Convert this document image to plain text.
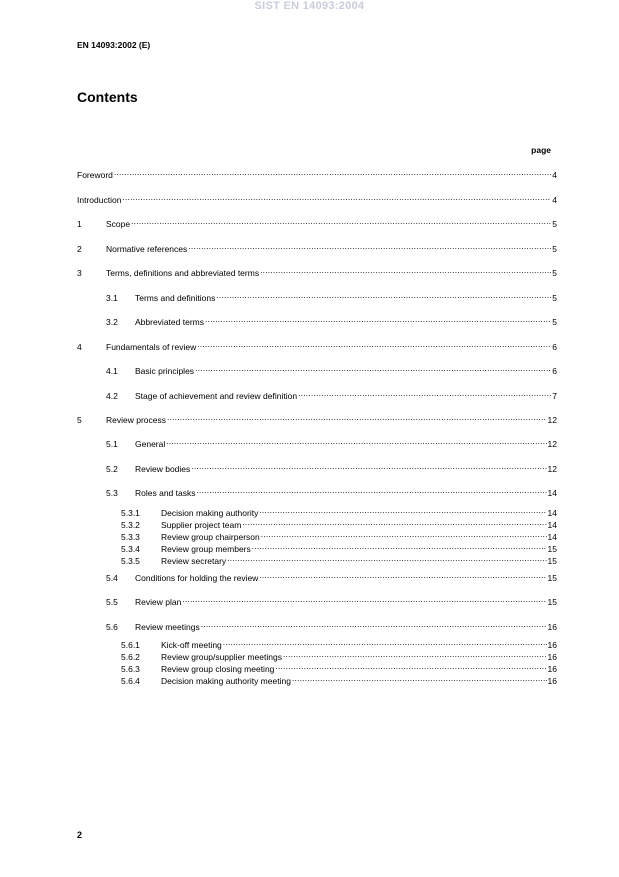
SIST EN 14093:2004
EN 14093:2002 (E)
Contents
page
Foreword .....	4
Introduction .....	4
1	Scope .....	5
2	Normative references .....	5
3	Terms, definitions and abbreviated terms .....	5
3.1	Terms and definitions .....	5
3.2	Abbreviated terms .....	5
4	Fundamentals of review .....	6
4.1	Basic principles .....	6
4.2	Stage of achievement and review definition .....	7
5	Review process .....	12
5.1	General .....	12
5.2	Review bodies .....	12
5.3	Roles and tasks .....	14
5.3.1	Decision making authority .....	14
5.3.2	Supplier project team .....	14
5.3.3	Review group chairperson .....	14
5.3.4	Review group members .....	15
5.3.5	Review secretary .....	15
5.4	Conditions for holding the review .....	15
5.5	Review plan .....	15
5.6	Review meetings .....	16
5.6.1	Kick-off meeting .....	16
5.6.2	Review group/supplier meetings .....	16
5.6.3	Review group closing meeting .....	16
5.6.4	Decision making authority meeting .....	16
2
